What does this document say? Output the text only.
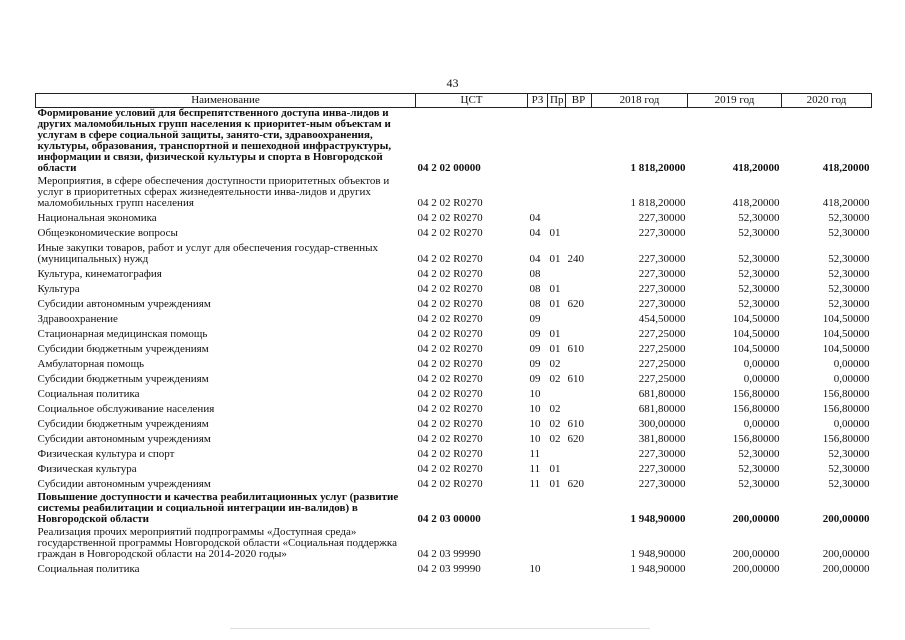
43
Наименование	ЦСТ	РЗ	Пр	ВР	2018 год	2019 год	2020 год
Формирование условий для беспрепятственного доступа инва-лидов и других маломобильных групп населения к приоритет-ным объектам и услугам в сфере социальной защиты, занято-сти, здравоохранения, культуры, образования, транспортной и пешеходной инфраструктуры, информации и связи, физической культуры и спорта в Новгородской области	04 2 02 00000				1 818,20000	418,20000	418,20000
Мероприятия, в сфере обеспечения доступности приоритетных объектов и услуг в приоритетных сферах жизнедеятельности инва-лидов и других маломобильных групп населения	04 2 02 R0270				1 818,20000	418,20000	418,20000
Национальная экономика	04 2 02 R0270	04			227,30000	52,30000	52,30000
Общеэкономические вопросы	04 2 02 R0270	04	01		227,30000	52,30000	52,30000
Иные закупки товаров, работ и услуг для обеспечения государ-ственных (муниципальных) нужд	04 2 02 R0270	04	01	240	227,30000	52,30000	52,30000
Культура, кинематография	04 2 02 R0270	08			227,30000	52,30000	52,30000
Культура	04 2 02 R0270	08	01		227,30000	52,30000	52,30000
Субсидии автономным учреждениям	04 2 02 R0270	08	01	620	227,30000	52,30000	52,30000
Здравоохранение	04 2 02 R0270	09			454,50000	104,50000	104,50000
Стационарная медицинская помощь	04 2 02 R0270	09	01		227,25000	104,50000	104,50000
Субсидии бюджетным учреждениям	04 2 02 R0270	09	01	610	227,25000	104,50000	104,50000
Амбулаторная помощь	04 2 02 R0270	09	02		227,25000	0,00000	0,00000
Субсидии бюджетным учреждениям	04 2 02 R0270	09	02	610	227,25000	0,00000	0,00000
Социальная политика	04 2 02 R0270	10			681,80000	156,80000	156,80000
Социальное обслуживание населения	04 2 02 R0270	10	02		681,80000	156,80000	156,80000
Субсидии бюджетным учреждениям	04 2 02 R0270	10	02	610	300,00000	0,00000	0,00000
Субсидии автономным учреждениям	04 2 02 R0270	10	02	620	381,80000	156,80000	156,80000
Физическая культура и спорт	04 2 02 R0270	11			227,30000	52,30000	52,30000
Физическая культура	04 2 02 R0270	11	01		227,30000	52,30000	52,30000
Субсидии автономным учреждениям	04 2 02 R0270	11	01	620	227,30000	52,30000	52,30000
Повышение доступности и качества реабилитационных услуг (развитие системы реабилитации и социальной интеграции ин-валидов) в Новгородской области	04 2 03 00000				1 948,90000	200,00000	200,00000
Реализация прочих мероприятий подпрограммы «Доступная среда» государственной программы Новгородской области «Социальная поддержка граждан в Новгородской области на 2014-2020 годы»	04 2 03 99990				1 948,90000	200,00000	200,00000
Социальная политика	04 2 03 99990	10			1 948,90000	200,00000	200,00000
